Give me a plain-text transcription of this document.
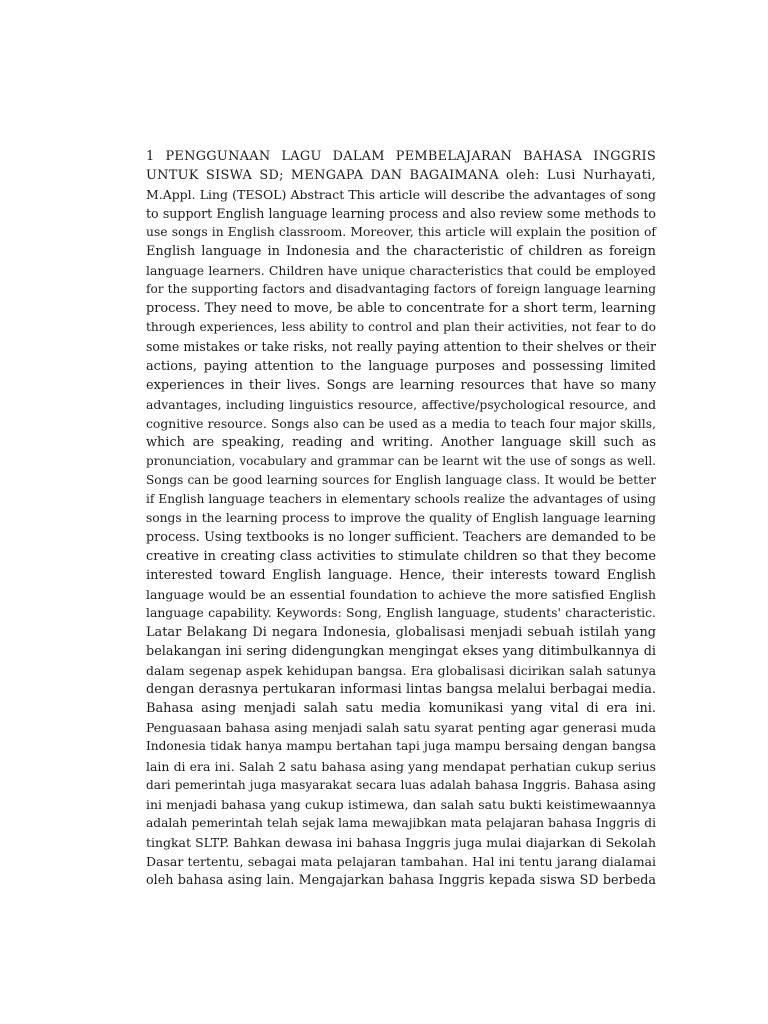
1 PENGGUNAAN LAGU DALAM PEMBELAJARAN BAHASA INGGRIS
UNTUK SISWA SD; MENGAPA DAN BAGAIMANA oleh: Lusi Nurhayati,
M.Appl. Ling (TESOL) Abstract This article will describe the advantages of song
to support English language learning process and also review some methods to
use songs in English classroom. Moreover, this article will explain the position of
English language in Indonesia and the characteristic of children as foreign
language learners. Children have unique characteristics that could be employed
for the supporting factors and disadvantaging factors of foreign language learning
process. They need to move, be able to concentrate for a short term, learning
through experiences, less ability to control and plan their activities, not fear to do
some mistakes or take risks, not really paying attention to their shelves or their
actions, paying attention to the language purposes and possessing limited
experiences in their lives. Songs are learning resources that have so many
advantages, including linguistics resource, affective/psychological resource, and
cognitive resource. Songs also can be used as a media to teach four major skills,
which are speaking, reading and writing. Another language skill such as
pronunciation, vocabulary and grammar can be learnt wit the use of songs as well.
Songs can be good learning sources for English language class. It would be better
if English language teachers in elementary schools realize the advantages of using
songs in the learning process to improve the quality of English language learning
process. Using textbooks is no longer sufficient. Teachers are demanded to be
creative in creating class activities to stimulate children so that they become
interested toward English language. Hence, their interests toward English
language would be an essential foundation to achieve the more satisfied English
language capability. Keywords: Song, English language, students' characteristic.
Latar Belakang Di negara Indonesia, globalisasi menjadi sebuah istilah yang
belakangan ini sering didengungkan mengingat ekses yang ditimbulkannya di
dalam segenap aspek kehidupan bangsa. Era globalisasi dicirikan salah satunya
dengan derasnya pertukaran informasi lintas bangsa melalui berbagai media.
Bahasa asing menjadi salah satu media komunikasi yang vital di era ini.
Penguasaan bahasa asing menjadi salah satu syarat penting agar generasi muda
Indonesia tidak hanya mampu bertahan tapi juga mampu bersaing dengan bangsa
lain di era ini. Salah 2 satu bahasa asing yang mendapat perhatian cukup serius
dari pemerintah juga masyarakat secara luas adalah bahasa Inggris. Bahasa asing
ini menjadi bahasa yang cukup istimewa, dan salah satu bukti keistimewaannya
adalah pemerintah telah sejak lama mewajibkan mata pelajaran bahasa Inggris di
tingkat SLTP. Bahkan dewasa ini bahasa Inggris juga mulai diajarkan di Sekolah
Dasar tertentu, sebagai mata pelajaran tambahan. Hal ini tentu jarang dialamai
oleh bahasa asing lain. Mengajarkan bahasa Inggris kepada siswa SD berbeda
